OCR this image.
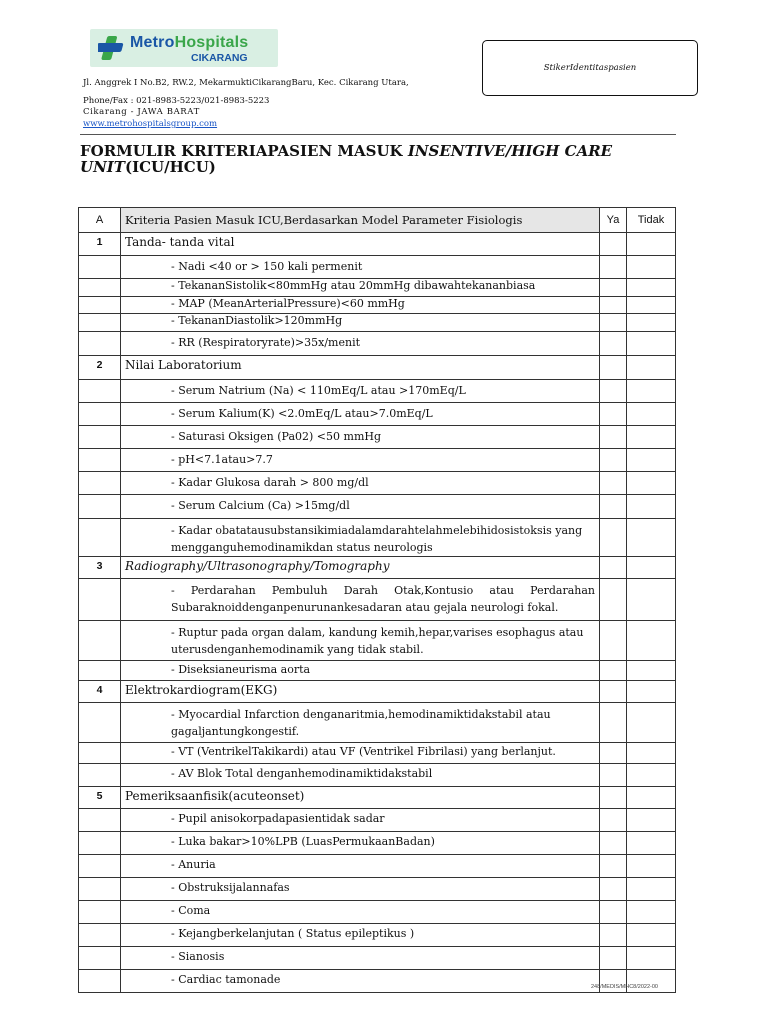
MetroHospitals
CIKARANG
Jl. Anggrek I No.B2, RW.2, MekarmuktiCikarangBaru, Kec. Cikarang Utara,
Phone/Fax : 021-8983-5223/021-8983-5223
Cikarang - JAWA BARAT
www.metrohospitalsgroup.com
StikerIdentitaspasien
FORMULIR KRITERIAPASIEN MASUK INSENTIVE/HIGH CARE UNIT(ICU/HCU)
A	Kriteria Pasien Masuk ICU,Berdasarkan Model Parameter Fisiologis	Ya	Tidak
1	Tanda- tanda vital		
	- Nadi <40 or > 150 kali permenit		
	- TekananSistolik<80mmHg atau 20mmHg dibawahtekananbiasa		
	- MAP (MeanArterialPressure)<60 mmHg		
	- TekananDiastolik>120mmHg		
	- RR (Respiratoryrate)>35x/menit		
2	Nilai Laboratorium		
	- Serum Natrium (Na) < 110mEq/L atau >170mEq/L		
	- Serum Kalium(K) <2.0mEq/L atau>7.0mEq/L		
	- Saturasi Oksigen (Pa02) <50 mmHg		
	- pH<7.1atau>7.7		
	- Kadar Glukosa darah > 800 mg/dl		
	- Serum Calcium (Ca) >15mg/dl		
	- Kadar obatatausubstansikimiadalamdarahtelahmelebihidosistoksis yang mengganguhemodinamikdan status neurologis		
3	Radiography/Ultrasonography/Tomography		
	- Perdarahan Pembuluh Darah Otak,Kontusio atau Perdarahan Subaraknoiddenganpenurunankesadaran atau gejala neurologi fokal.		
	- Ruptur pada organ dalam, kandung kemih,hepar,varises esophagus atau uterusdenganhemodinamik yang tidak stabil.		
	- Diseksianeurisma aorta		
4	Elektrokardiogram(EKG)		
	- Myocardial Infarction denganaritmia,hemodinamiktidakstabil atau gagaljantungkongestif.		
	- VT (VentrikelTakikardi) atau VF (Ventrikel Fibrilasi) yang berlanjut.		
	- AV Blok Total denganhemodinamiktidakstabil		
5	Pemeriksaanfisik(acuteonset)		
	- Pupil anisokorpadapasientidak sadar		
	- Luka bakar>10%LPB (LuasPermukaanBadan)		
	- Anuria		
	- Obstruksijalannafas		
	- Coma		
	- Kejangberkelanjutan ( Status epileptikus )		
	- Sianosis		
	- Cardiac tamonade		
248/MEDIS/MHC8/2022-00
